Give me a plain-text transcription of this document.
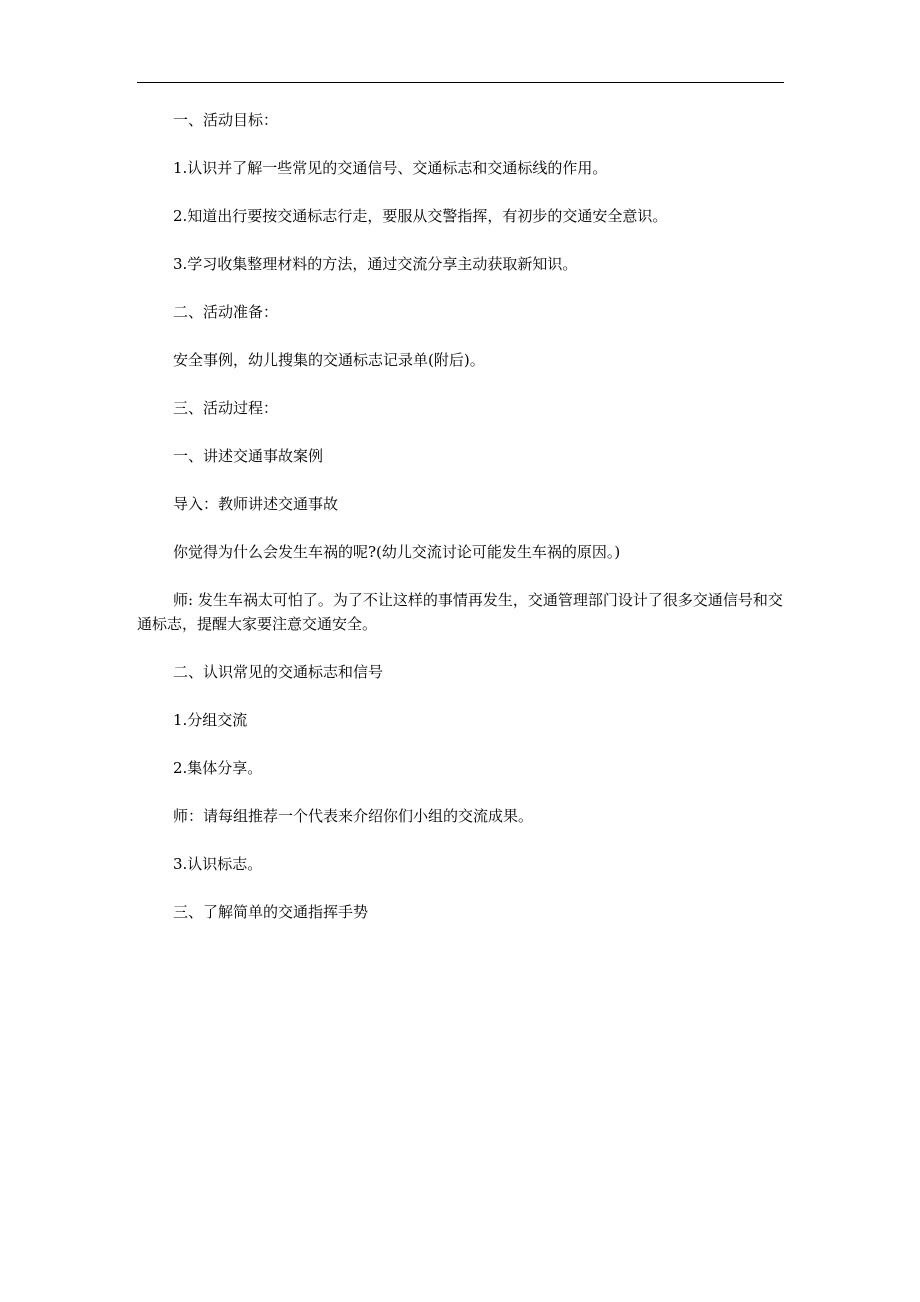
一、活动目标：

1.认识并了解一些常见的交通信号、交通标志和交通标线的作用。

2.知道出行要按交通标志行走，要服从交警指挥，有初步的交通安全意识。

3.学习收集整理材料的方法，通过交流分享主动获取新知识。

二、活动准备：

安全事例，幼儿搜集的交通标志记录单(附后)。

三、活动过程：

一、讲述交通事故案例

导入：教师讲述交通事故

你觉得为什么会发生车祸的呢?(幼儿交流讨论可能发生车祸的原因。)

师: 发生车祸太可怕了。为了不让这样的事情再发生，交通管理部门设计了很多交通信号和交通标志，提醒大家要注意交通安全。

二、认识常见的交通标志和信号

1.分组交流

2.集体分享。

师：请每组推荐一个代表来介绍你们小组的交流成果。

3.认识标志。

三、了解简单的交通指挥手势
